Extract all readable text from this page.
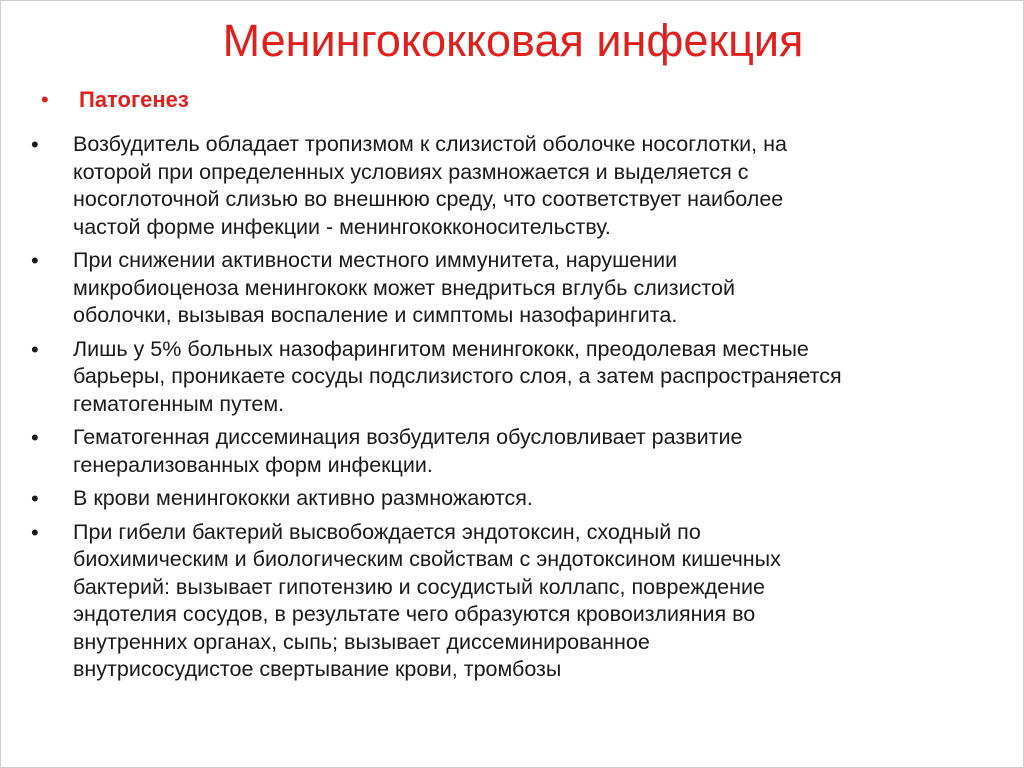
Менингококковая инфекция
•	Патогенез
•	Возбудитель обладает тропизмом к слизистой оболочке носоглотки, на
которой при определенных условиях размножается и выделяется с
носоглоточной слизью во внешнюю среду, что соответствует наиболее
частой форме инфекции - менингококконосительству.
•	При снижении активности местного иммунитета, нарушении
микробиоценоза менингококк может внедриться вглубь слизистой
оболочки, вызывая воспаление и симптомы назофарингита.
•	Лишь у 5% больных назофарингитом менингококк, преодолевая местные
барьеры, проникаете сосуды подслизистого слоя, а затем распространяется
гематогенным путем.
•	Гематогенная диссеминация возбудителя обусловливает развитие
генерализованных форм инфекции.
•	В крови менингококки активно размножаются.
•	При гибели бактерий высвобождается эндотоксин, сходный по
биохимическим и биологическим свойствам с эндотоксином кишечных
бактерий: вызывает гипотензию и сосудистый коллапс, повреждение
эндотелия сосудов, в результате чего образуются кровоизлияния во
внутренних органах, сыпь; вызывает диссеминированное
внутрисосудистое свертывание крови, тромбозы
